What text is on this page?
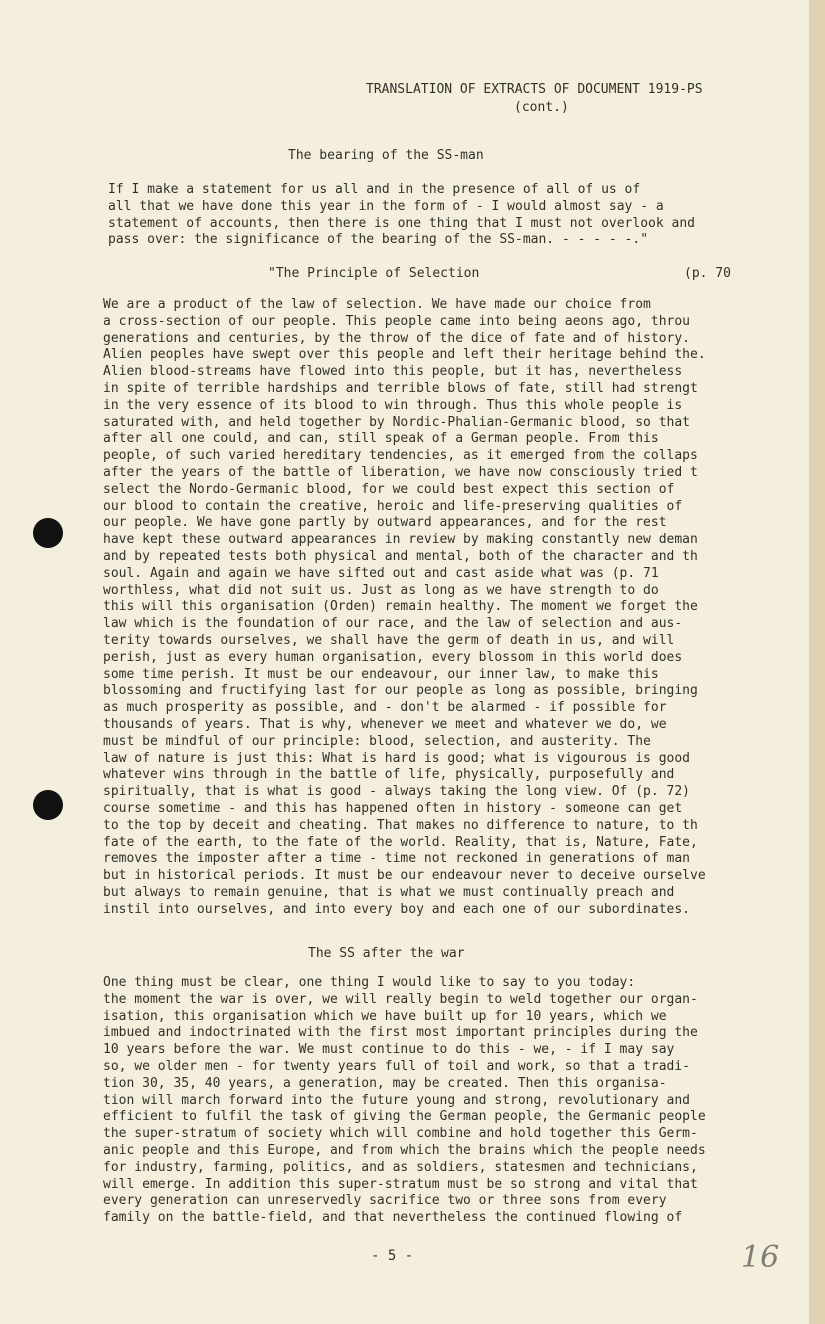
TRANSLATION OF EXTRACTS OF DOCUMENT 1919-PS
(cont.)
The bearing of the SS-man
If I make a statement for us all and in the presence of all of us of
all that we have done this year in the form of - I would almost say - a
statement of accounts, then there is one thing that I must not overlook and
pass over: the significance of the bearing of the SS-man. - - - - -."
"The Principle of Selection	(p. 70
We are a product of the law of selection. We have made our choice from
a cross-section of our people. This people came into being aeons ago, throu
generations and centuries, by the throw of the dice of fate and of history.
Alien peoples have swept over this people and left their heritage behind the.
Alien blood-streams have flowed into this people, but it has, nevertheless
in spite of terrible hardships and terrible blows of fate, still had strengt
in the very essence of its blood to win through. Thus this whole people is
saturated with, and held together by Nordic-Phalian-Germanic blood, so that
after all one could, and can, still speak of a German people. From this
people, of such varied hereditary tendencies, as it emerged from the collaps
after the years of the battle of liberation, we have now consciously tried t
select the Nordo-Germanic blood, for we could best expect this section of
our blood to contain the creative, heroic and life-preserving qualities of
our people. We have gone partly by outward appearances, and for the rest
have kept these outward appearances in review by making constantly new deman
and by repeated tests both physical and mental, both of the character and th
soul. Again and again we have sifted out and cast aside what was (p. 71
worthless, what did not suit us. Just as long as we have strength to do
this will this organisation (Orden) remain healthy. The moment we forget the
law which is the foundation of our race, and the law of selection and aus-
terity towards ourselves, we shall have the germ of death in us, and will
perish, just as every human organisation, every blossom in this world does
some time perish. It must be our endeavour, our inner law, to make this
blossoming and fructifying last for our people as long as possible, bringing
as much prosperity as possible, and - don't be alarmed - if possible for
thousands of years. That is why, whenever we meet and whatever we do, we
must be mindful of our principle: blood, selection, and austerity. The
law of nature is just this: What is hard is good; what is vigourous is good
whatever wins through in the battle of life, physically, purposefully and
spiritually, that is what is good - always taking the long view. Of (p. 72)
course sometime - and this has happened often in history - someone can get
to the top by deceit and cheating. That makes no difference to nature, to th
fate of the earth, to the fate of the world. Reality, that is, Nature, Fate,
removes the imposter after a time - time not reckoned in generations of man
but in historical periods. It must be our endeavour never to deceive ourselve
but always to remain genuine, that is what we must continually preach and
instil into ourselves, and into every boy and each one of our subordinates.
The SS after the war
One thing must be clear, one thing I would like to say to you today:
the moment the war is over, we will really begin to weld together our organ-
isation, this organisation which we have built up for 10 years, which we
imbued and indoctrinated with the first most important principles during the
10 years before the war. We must continue to do this - we, - if I may say
so, we older men - for twenty years full of toil and work, so that a tradi-
tion 30, 35, 40 years, a generation, may be created. Then this organisa-
tion will march forward into the future young and strong, revolutionary and
efficient to fulfil the task of giving the German people, the Germanic people
the super-stratum of society which will combine and hold together this Germ-
anic people and this Europe, and from which the brains which the people needs
for industry, farming, politics, and as soldiers, statesmen and technicians,
will emerge. In addition this super-stratum must be so strong and vital that
every generation can unreservedly sacrifice two or three sons from every
family on the battle-field, and that nevertheless the continued flowing of
- 5 -	16
